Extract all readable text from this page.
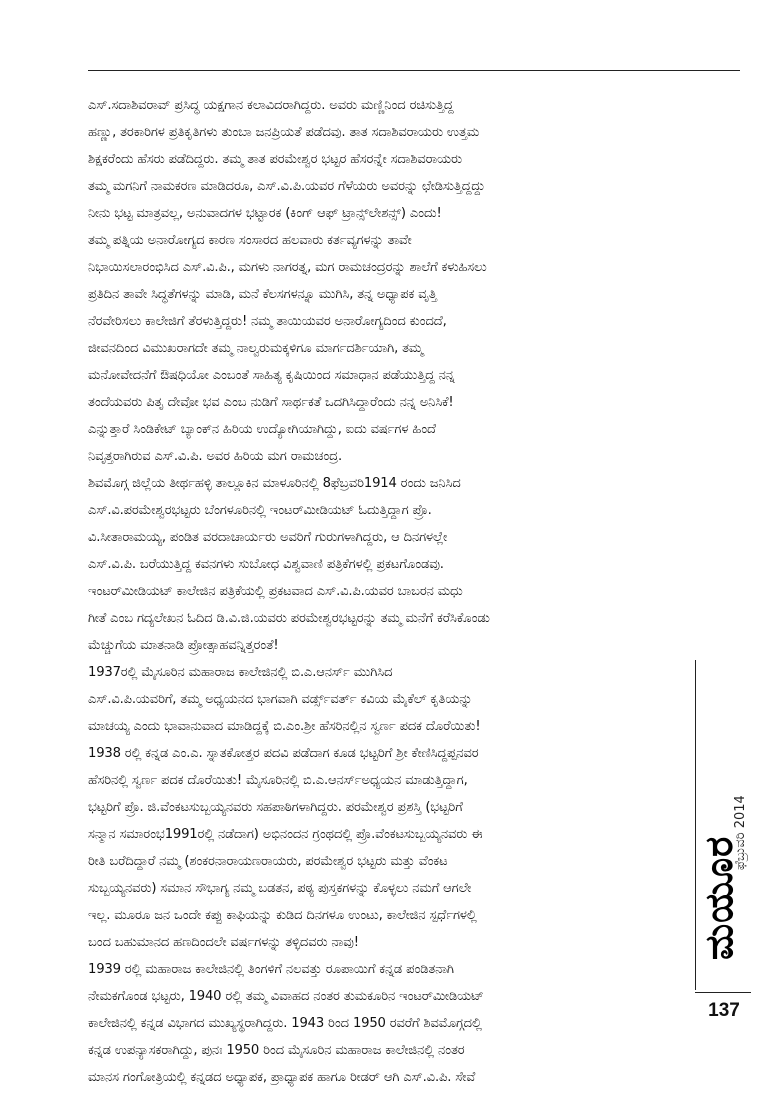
ಎಸ್.ಸದಾಶಿವರಾವ್ ಪ್ರಸಿದ್ಧ ಯಕ್ಷಗಾನ ಕಲಾವಿದರಾಗಿದ್ದರು. ಅವರು ಮಣ್ಣಿನಿಂದ ರಚಿಸುತ್ತಿದ್ದ
ಹಣ್ಣು, ತರಕಾರಿಗಳ ಪ್ರತಿಕೃತಿಗಳು ತುಂಬಾ ಜನಪ್ರಿಯತೆ ಪಡೆದವು. ತಾತ ಸದಾಶಿವರಾಯರು ಉತ್ತಮ
ಶಿಕ್ಷಕರೆಂದು ಹೆಸರು ಪಡೆದಿದ್ದರು. ತಮ್ಮ ತಾತ ಪರಮೇಶ್ವರ ಭಟ್ಟರ ಹೆಸರನ್ನೇ ಸದಾಶಿವರಾಯರು
ತಮ್ಮ ಮಗನಿಗೆ ನಾಮಕರಣ ಮಾಡಿದರೂ, ಎಸ್.ವಿ.ಪಿ.ಯವರ ಗೆಳೆಯರು ಅವರನ್ನು ಛೇಡಿಸುತ್ತಿದ್ದದ್ದು
ನೀನು ಭಟ್ಟ ಮಾತ್ರವಲ್ಲ, ಅನುವಾದಗಳ ಭಟ್ಟಾರಕ (ಕಿಂಗ್ ಆಫ್ ಟ್ರಾನ್ಸ್‌ಲೇಶನ್ಸ್) ಎಂದು!
ತಮ್ಮ ಪತ್ನಿಯ ಅನಾರೋಗ್ಯದ ಕಾರಣ ಸಂಸಾರದ ಹಲವಾರು ಕರ್ತವ್ಯಗಳನ್ನು ತಾವೇ
ನಿಭಾಯಿಸಲಾರಂಭಿಸಿದ ಎಸ್.ವಿ.ಪಿ., ಮಗಳು ನಾಗರತ್ನ, ಮಗ ರಾಮಚಂದ್ರರನ್ನು ಶಾಲೆಗೆ ಕಳುಹಿಸಲು
ಪ್ರತಿದಿನ ತಾವೇ ಸಿದ್ಧತೆಗಳನ್ನು ಮಾಡಿ, ಮನೆ ಕೆಲಸಗಳನ್ನೂ ಮುಗಿಸಿ, ತನ್ನ ಅಧ್ಯಾಪಕ ವೃತ್ತಿ
ನೆರವೇರಿಸಲು ಕಾಲೇಜಿಗೆ ತೆರಳುತ್ತಿದ್ದರು! ನಮ್ಮ ತಾಯಿಯವರ ಅನಾರೋಗ್ಯದಿಂದ ಕುಂದದೆ,
ಜೀವನದಿಂದ ವಿಮುಖರಾಗದೇ ತಮ್ಮ ನಾಲ್ವರುಮಕ್ಕಳಿಗೂ ಮಾರ್ಗದರ್ಶಿಯಾಗಿ, ತಮ್ಮ
ಮನೋವೇದನೆಗೆ ಔಷಧಿಯೋ ಎಂಬಂತೆ ಸಾಹಿತ್ಯ ಕೃಷಿಯಿಂದ ಸಮಾಧಾನ ಪಡೆಯುತ್ತಿದ್ದ ನನ್ನ
ತಂದೆಯವರು ಪಿತೃ ದೇವೋ ಭವ ಎಂಬ ನುಡಿಗೆ ಸಾರ್ಥಕತೆ ಒದಗಿಸಿದ್ದಾರೆಂದು ನನ್ನ ಅನಿಸಿಕೆ!
ಎನ್ನುತ್ತಾರೆ ಸಿಂಡಿಕೇಟ್ ಬ್ಯಾಂಕ್‌ನ ಹಿರಿಯ ಉದ್ಯೋಗಿಯಾಗಿದ್ದು, ಐದು ವರ್ಷಗಳ ಹಿಂದೆ
ನಿವೃತ್ತರಾಗಿರುವ ಎಸ್.ವಿ.ಪಿ. ಅವರ ಹಿರಿಯ ಮಗ ರಾಮಚಂದ್ರ.
ಶಿವಮೊಗ್ಗ ಜಿಲ್ಲೆಯ ತೀರ್ಥಹಳ್ಳಿ ತಾಲ್ಲೂಕಿನ ಮಾಳೂರಿನಲ್ಲಿ 8ಫೆಬ್ರವರಿ1914 ರಂದು ಜನಿಸಿದ
ಎಸ್.ವಿ.ಪರಮೇಶ್ವರಭಟ್ಟರು ಬೆಂಗಳೂರಿನಲ್ಲಿ ಇಂಟರ್‌ಮೀಡಿಯಟ್ ಓದುತ್ತಿದ್ದಾಗ ಪ್ರೊ.
ವಿ.ಸೀತಾರಾಮಯ್ಯ, ಪಂಡಿತ ವರದಾಚಾರ್ಯರು ಅವರಿಗೆ ಗುರುಗಳಾಗಿದ್ದರು, ಆ ದಿನಗಳಲ್ಲೇ
ಎಸ್.ವಿ.ಪಿ. ಬರೆಯುತ್ತಿದ್ದ ಕವನಗಳು ಸುಬೋಧ ವಿಶ್ವವಾಣಿ ಪತ್ರಿಕೆಗಳಲ್ಲಿ ಪ್ರಕಟಗೊಂಡವು.
ಇಂಟರ್‌ಮೀಡಿಯಟ್ ಕಾಲೇಜಿನ ಪತ್ರಿಕೆಯಲ್ಲಿ ಪ್ರಕಟವಾದ ಎಸ್.ವಿ.ಪಿ.ಯವರ ಬಾಬರನ ಮಧು
ಗೀತೆ ಎಂಬ ಗದ್ಯಲೇಖನ ಓದಿದ ಡಿ.ವಿ.ಜಿ.ಯವರು ಪರಮೇಶ್ವರಭಟ್ಟರನ್ನು ತಮ್ಮ ಮನೆಗೆ ಕರೆಸಿಕೊಂಡು
ಮೆಚ್ಚುಗೆಯ ಮಾತನಾಡಿ ಪ್ರೋತ್ಸಾಹವನ್ನಿತ್ತರಂತೆ!
1937ರಲ್ಲಿ ಮೈಸೂರಿನ ಮಹಾರಾಜ ಕಾಲೇಜಿನಲ್ಲಿ ಬಿ.ಎ.ಆನರ್ಸ್ ಮುಗಿಸಿದ
ಎಸ್.ವಿ.ಪಿ.ಯವರಿಗೆ, ತಮ್ಮ ಅಧ್ಯಯನದ ಭಾಗವಾಗಿ ವರ್ಡ್ಸ್‌ವರ್ತ್ ಕವಿಯ ಮೈಕೆಲ್ ಕೃತಿಯನ್ನು
ಮಾಚಯ್ಯ ಎಂದು ಭಾವಾನುವಾದ ಮಾಡಿದ್ದಕ್ಕೆ ಬಿ.ಎಂ.ಶ್ರೀ ಹೆಸರಿನಲ್ಲಿನ ಸ್ವರ್ಣ ಪದಕ ದೊರೆಯಿತು!
1938 ರಲ್ಲಿ ಕನ್ನಡ ಎಂ.ಎ. ಸ್ನಾತಕೋತ್ತರ ಪದವಿ ಪಡೆದಾಗ ಕೂಡ ಭಟ್ಟರಿಗೆ ಶ್ರೀ ಕೇಣಿಸಿದ್ದಪ್ಪನವರ
ಹೆಸರಿನಲ್ಲಿ ಸ್ವರ್ಣ ಪದಕ ದೊರೆಯಿತು! ಮೈಸೂರಿನಲ್ಲಿ ಬಿ.ಎ.ಆನರ್ಸ್‌ಅಧ್ಯಯನ ಮಾಡುತ್ತಿದ್ದಾಗ,
ಭಟ್ಟರಿಗೆ ಪ್ರೊ. ಜಿ.ವೆಂಕಟಸುಬ್ಬಯ್ಯನವರು ಸಹಪಾಠಿಗಳಾಗಿದ್ದರು. ಪರಮೇಶ್ವರ ಪ್ರಶಸ್ತಿ (ಭಟ್ಟರಿಗೆ
ಸನ್ಮಾನ ಸಮಾರಂಭ1991ರಲ್ಲಿ ನಡೆದಾಗ) ಅಭಿನಂದನ ಗ್ರಂಥದಲ್ಲಿ ಪ್ರೊ.ವೆಂಕಟಸುಬ್ಬಯ್ಯನವರು ಈ
ರೀತಿ ಬರೆದಿದ್ದಾರೆ ನಮ್ಮ (ಶಂಕರನಾರಾಯಣರಾಯರು, ಪರಮೇಶ್ವರ ಭಟ್ಟರು ಮತ್ತು ವೆಂಕಟ
ಸುಬ್ಬಯ್ಯನವರು) ಸಮಾನ ಸೌಭಾಗ್ಯ ನಮ್ಮ ಬಡತನ, ಪಠ್ಯ ಪುಸ್ತಕಗಳನ್ನು ಕೊಳ್ಳಲು ನಮಗೆ ಆಗಲೇ
ಇಲ್ಲ. ಮೂರೂ ಜನ ಒಂದೇ ಕಪ್ಪು ಕಾಫಿಯನ್ನು ಕುಡಿದ ದಿನಗಳೂ ಉಂಟು, ಕಾಲೇಜಿನ ಸ್ಪರ್ಧೆಗಳಲ್ಲಿ
ಬಂದ ಬಹುಮಾನದ ಹಣದಿಂದಲೇ ವರ್ಷಗಳನ್ನು ತಳ್ಳಿದವರು ನಾವು!
1939 ರಲ್ಲಿ ಮಹಾರಾಜ ಕಾಲೇಜಿನಲ್ಲಿ ತಿಂಗಳಿಗೆ ನಲವತ್ತು ರೂಪಾಯಿಗೆ ಕನ್ನಡ ಪಂಡಿತನಾಗಿ
ನೇಮಕಗೊಂಡ ಭಟ್ಟರು, 1940 ರಲ್ಲಿ ತಮ್ಮ ವಿವಾಹದ ನಂತರ ತುಮಕೂರಿನ ಇಂಟರ್‌ಮೀಡಿಯಟ್
ಕಾಲೇಜಿನಲ್ಲಿ ಕನ್ನಡ ವಿಭಾಗದ ಮುಖ್ಯಸ್ಥರಾಗಿದ್ದರು. 1943 ರಿಂದ 1950 ರವರೆಗೆ ಶಿವಮೊಗ್ಗದಲ್ಲಿ
ಕನ್ನಡ ಉಪನ್ಯಾಸಕರಾಗಿದ್ದು, ಪುನಃ 1950 ರಿಂದ ಮೈಸೂರಿನ ಮಹಾರಾಜ ಕಾಲೇಜಿನಲ್ಲಿ ನಂತರ
ಮಾನಸ ಗಂಗೋತ್ರಿಯಲ್ಲಿ ಕನ್ನಡದ ಅಧ್ಯಾಪಕ, ಪ್ರಾಧ್ಯಾಪಕ ಹಾಗೂ ರೀಡರ್ ಆಗಿ ಎಸ್.ವಿ.ಪಿ. ಸೇವೆ
ಮಯೂರ
ಫೆಬ್ರುವರಿ 2014
137
